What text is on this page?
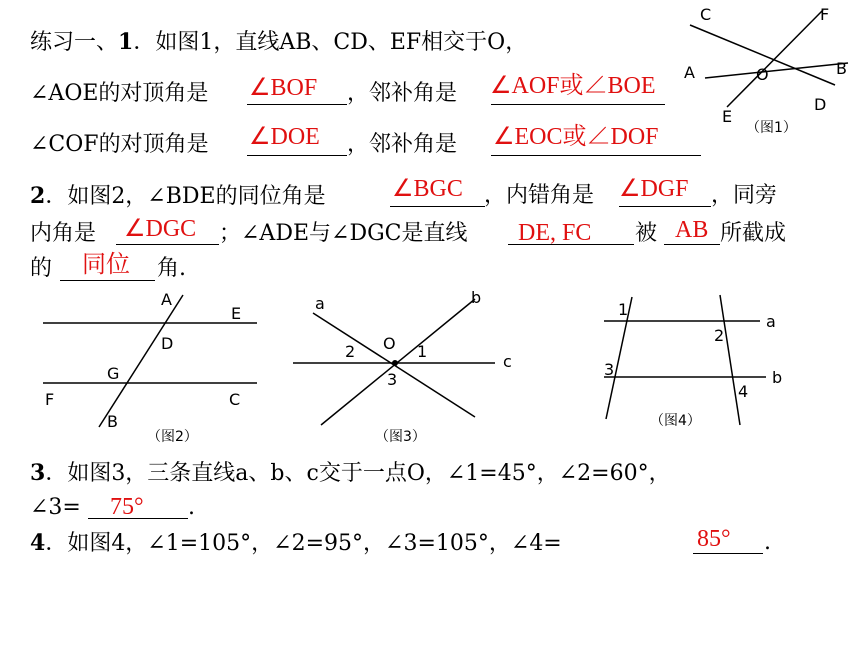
练习一、1．如图1，直线AB、CD、EF相交于O，
∠AOE的对顶角是 ∠BOF ，邻补角是 ∠AOF或∠BOE
∠COF的对顶角是 ∠DOE ，邻补角是 ∠EOC或∠DOF
C	F
A	O	B
E
D
（图1）
2．如图2，∠BDE的同位角是	∠BGC ，内错角是 ∠DGF ，同旁
内角是 ∠DGC ；∠ADE与∠DGC是直线 DE, FC 被 AB 所截成
的 同位 角.
A
E
D
G
F	C
B
（图2）
a	b
O
2	1
c
3
（图3）
1
a
2
3	b
4
（图4）
3．如图3，三条直线a、b、c交于一点O，∠1=45°，∠2=60°，
∠3= 75° .
4．如图4，∠1=105°，∠2=95°，∠3=105°，∠4=	85° .
